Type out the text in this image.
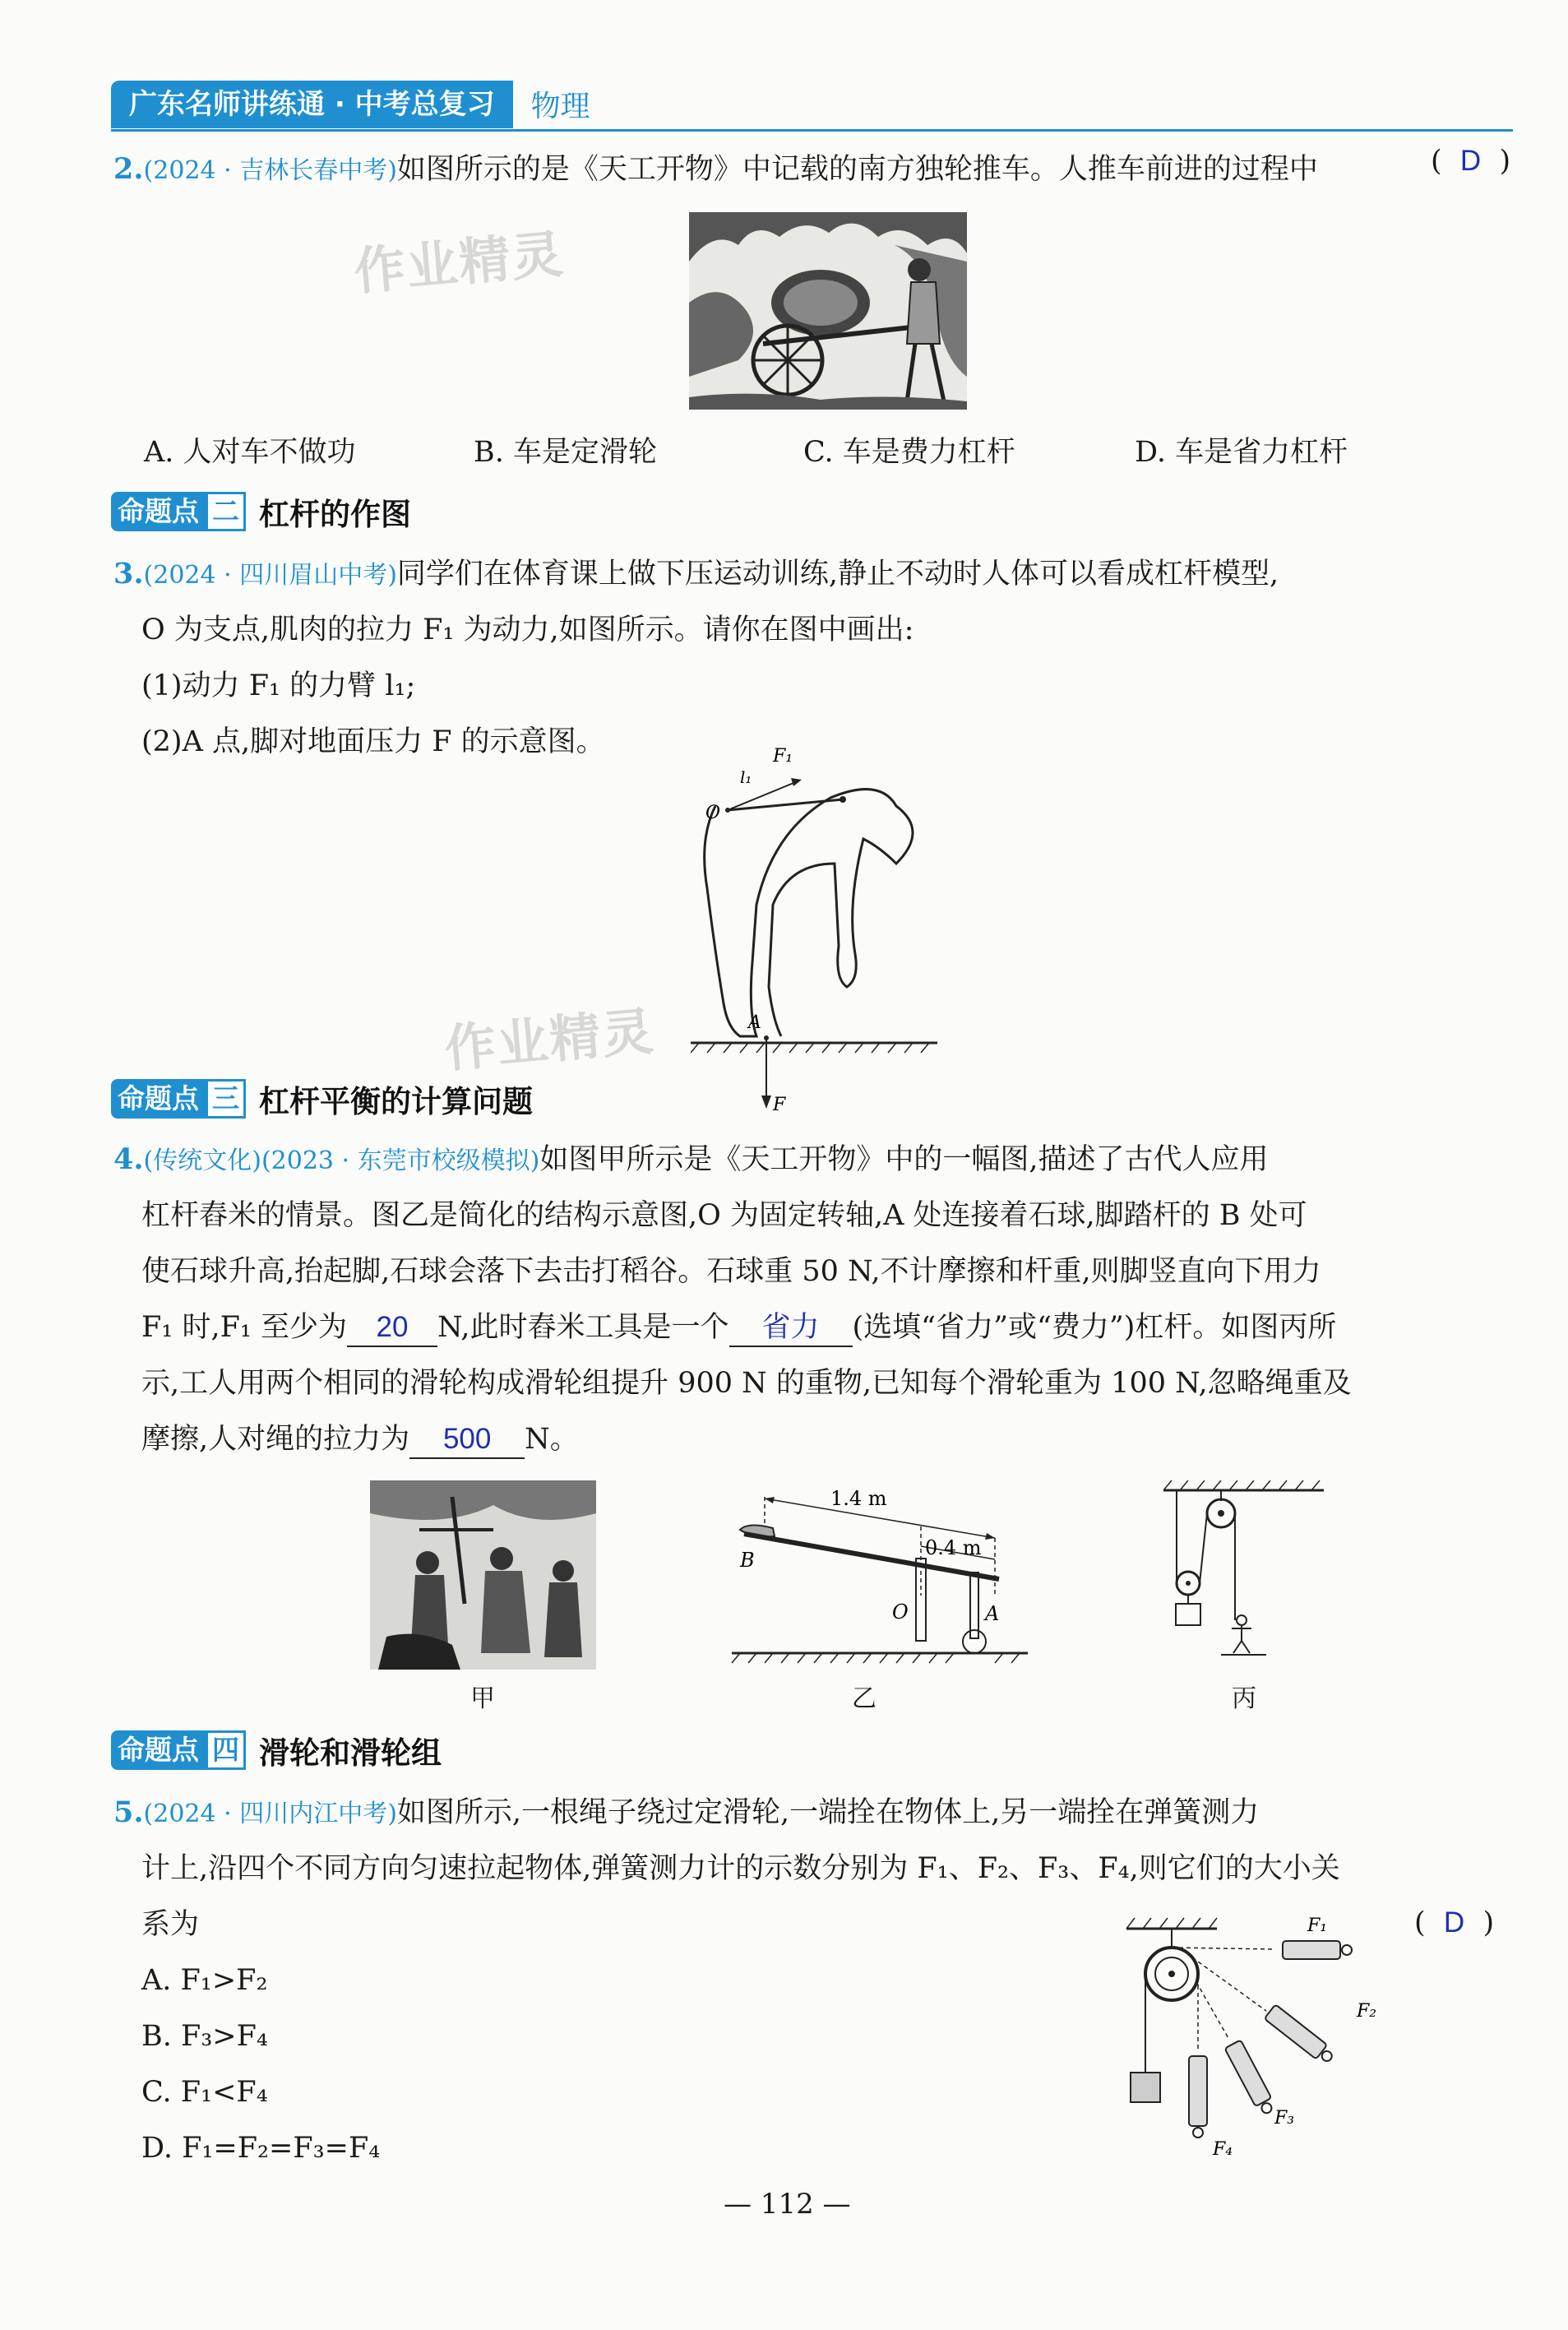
广东名师讲练通 · 中考总复习	物理
2.(2024 · 吉林长春中考)如图所示的是《天工开物》中记载的南方独轮推车。人推车前进的过程中	(  D  )
作业精灵
A. 人对车不做功	B. 车是定滑轮	C. 车是费力杠杆	D. 车是省力杠杆
命题点 二 杠杆的作图
3.(2024 · 四川眉山中考)同学们在体育课上做下压运动训练,静止不动时人体可以看成杠杆模型,
O 为支点,肌肉的拉力 F₁ 为动力,如图所示。请你在图中画出:
(1)动力 F₁ 的力臂 l₁;
(2)A 点,脚对地面压力 F 的示意图。
O
F₁
l₁
A
F
作业精灵
命题点 三 杠杆平衡的计算问题
4.(传统文化)(2023 · 东莞市校级模拟)如图甲所示是《天工开物》中的一幅图,描述了古代人应用
杠杆舂米的情景。图乙是简化的结构示意图,O 为固定转轴,A 处连接着石球,脚踏杆的 B 处可
使石球升高,抬起脚,石球会落下去击打稻谷。石球重 50 N,不计摩擦和杆重,则脚竖直向下用力
F₁ 时,F₁ 至少为 20 N,此时舂米工具是一个 省力 (选填“省力”或“费力”)杠杆。如图丙所
示,工人用两个相同的滑轮构成滑轮组提升 900 N 的重物,已知每个滑轮重为 100 N,忽略绳重及
摩擦,人对绳的拉力为 500 N。
甲
1.4 m
0.4 m
B
O	A
乙	丙
命题点 四 滑轮和滑轮组
5.(2024 · 四川内江中考)如图所示,一根绳子绕过定滑轮,一端拴在物体上,另一端拴在弹簧测力
计上,沿四个不同方向匀速拉起物体,弹簧测力计的示数分别为 F₁、F₂、F₃、F₄,则它们的大小关
系为	(  D  )
A. F₁>F₂
B. F₃>F₄
C. F₁<F₄
D. F₁=F₂=F₃=F₄
F₁
F₂
F₃
F₄
— 112 —
